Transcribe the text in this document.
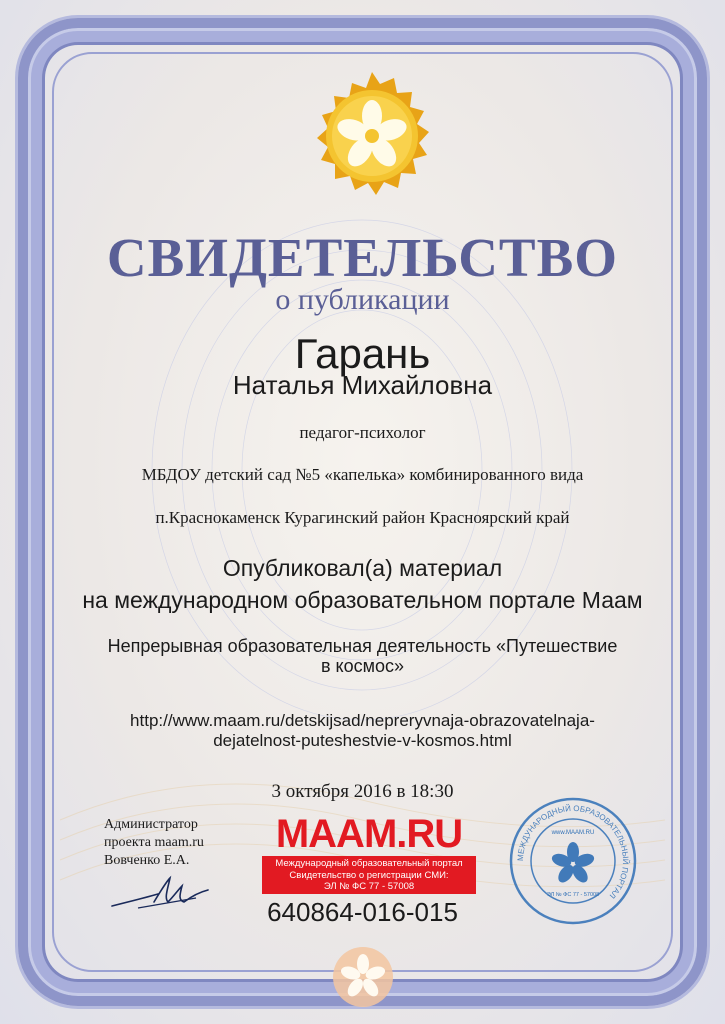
СВИДЕТЕЛЬСТВО
о публикации
Гарань
Наталья Михайловна
педагог-психолог
МБДОУ детский сад №5 «капелька» комбинированного вида
п.Краснокаменск Курагинский район Красноярский край
Опубликовал(а) материал
на международном образовательном портале Маам
Непрерывная образовательная деятельность «Путешествие
в космос»
http://www.maam.ru/detskijsad/nepreryvnaja-obrazovatelnaja-
dejatelnost-puteshestvie-v-kosmos.html
3 октября 2016 в 18:30
Администратор
проекта maam.ru
Вовченко Е.А.
MAAM.RU
Международный образовательный портал
Свидетельство о регистрации СМИ:
ЭЛ № ФС 77 - 57008
640864-016-015
МЕЖДУНАРОДНЫЙ ОБРАЗОВАТЕЛЬНЫЙ ПОРТАЛ
www.MAAM.RU
ЭЛ № ФС 77 - 57008
